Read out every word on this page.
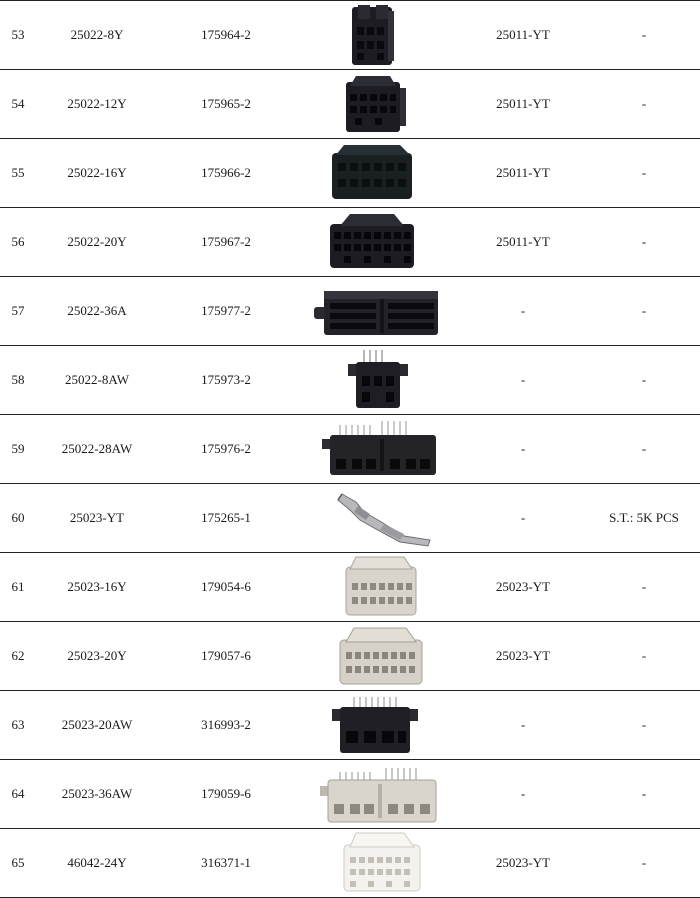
53	25022-8Y	175964-2	25011-YT	-
54	25022-12Y	175965-2	25011-YT	-
55	25022-16Y	175966-2	25011-YT	-
56	25022-20Y	175967-2	25011-YT	-
57	25022-36A	175977-2	-	-
58	25022-8AW	175973-2	-	-
59	25022-28AW	175976-2	-	-
60	25023-YT	175265-1	-	S.T.: 5K PCS
61	25023-16Y	179054-6	25023-YT	-
62	25023-20Y	179057-6	25023-YT	-
63	25023-20AW	316993-2	-	-
64	25023-36AW	179059-6	-	-
65	46042-24Y	316371-1	25023-YT	-
